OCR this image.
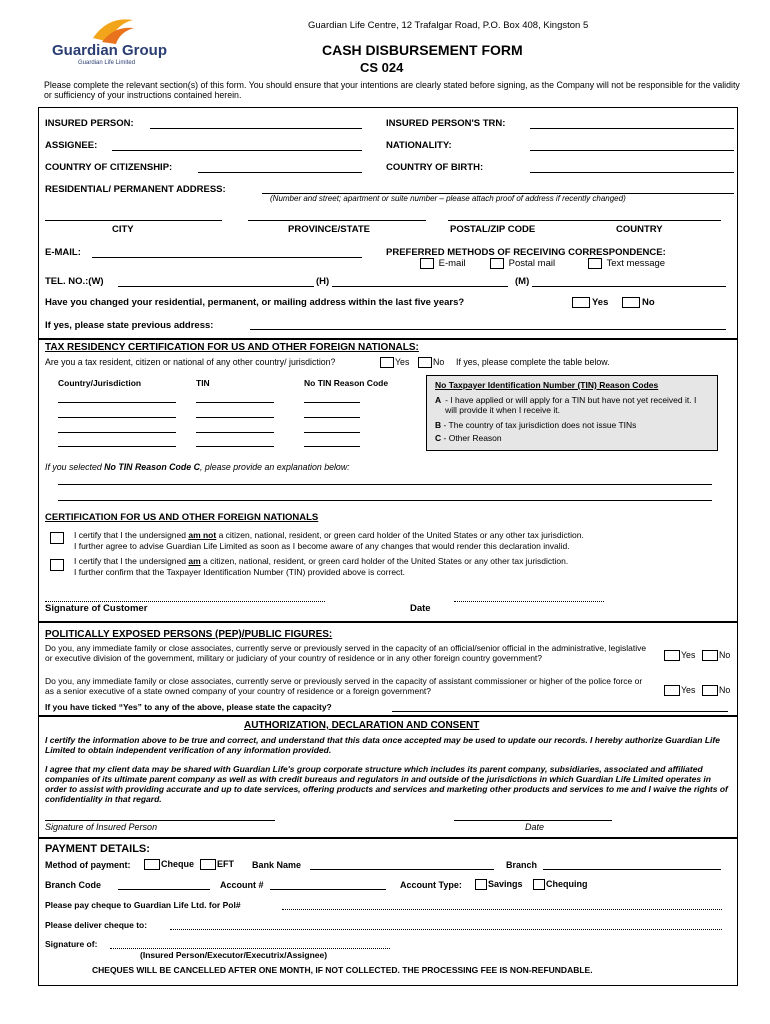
Guardian Group
Guardian Life Limited
Guardian Life Centre, 12 Trafalgar Road, P.O. Box 408, Kingston 5
CASH DISBURSEMENT FORM
CS 024
Please complete the relevant section(s) of this form. You should ensure that your intentions are clearly stated before signing, as the Company will not be responsible for the validity or sufficiency of your instructions contained herein.
INSURED PERSON:	INSURED PERSON'S TRN:
ASSIGNEE:	NATIONALITY:
COUNTRY OF CITIZENSHIP:	COUNTRY OF BIRTH:
RESIDENTIAL/ PERMANENT ADDRESS:
(Number and street; apartment or suite number – please attach proof of address if recently changed)
CITY	PROVINCE/STATE	POSTAL/ZIP CODE	COUNTRY
E-MAIL:	PREFERRED METHODS OF RECEIVING CORRESPONDENCE:
E-mail	Postal mail	Text message
TEL. NO.:(W)	(H)	(M)
Have you changed your residential, permanent, or mailing address within the last five years?	Yes	No
If yes, please state previous address:
TAX RESIDENCY CERTIFICATION FOR US AND OTHER FOREIGN NATIONALS:
Are you a tax resident, citizen or national of any other country/ jurisdiction?	Yes	No If yes, please complete the table below.
Country/Jurisdiction	TIN	No TIN Reason Code	No Taxpayer Identification Number (TIN) Reason Codes
A - I have applied or will apply for a TIN but have not yet received it. I will provide it when I receive it.
B - The country of tax jurisdiction does not issue TINs
C - Other Reason
If you selected No TIN Reason Code C, please provide an explanation below:
CERTIFICATION FOR US AND OTHER FOREIGN NATIONALS
I certify that I the undersigned am not a citizen, national, resident, or green card holder of the United States or any other tax jurisdiction.
I further agree to advise Guardian Life Limited as soon as I become aware of any changes that would render this declaration invalid.
I certify that I the undersigned am a citizen, national, resident, or green card holder of the United States or any other tax jurisdiction.
I further confirm that the Taxpayer Identification Number (TIN) provided above is correct.
Signature of Customer	Date
POLITICALLY EXPOSED PERSONS (PEP)/PUBLIC FIGURES:
Do you, any immediate family or close associates, currently serve or previously served in the capacity of an official/senior official in the administrative, legislative or executive division of the government, military or judiciary of your country of residence or in any other foreign country government?	Yes	No
Do you, any immediate family or close associates, currently serve or previously served in the capacity of assistant commissioner or higher of the police force or as a senior executive of a state owned company of your country of residence or a foreign government?	Yes	No
If you have ticked “Yes” to any of the above, please state the capacity?
AUTHORIZATION, DECLARATION AND CONSENT
I certify the information above to be true and correct, and understand that this data once accepted may be used to update our records. I hereby authorize Guardian Life Limited to obtain independent verification of any information provided.
I agree that my client data may be shared with Guardian Life's group corporate structure which includes its parent company, subsidiaries, associated and affiliated companies of its ultimate parent company as well as with credit bureaus and regulators in and outside of the jurisdictions in which Guardian Life Limited operates in order to assist with providing accurate and up to date services, offering products and services and marketing other products and services to me and I waive the rights of confidentiality in that regard.
Signature of Insured Person	Date
PAYMENT DETAILS:
Method of payment:	Cheque	EFT Bank Name	Branch
Branch Code	Account #	Account Type:	Savings	Chequing
Please pay cheque to Guardian Life Ltd. for Pol#
Please deliver cheque to:
Signature of:
(Insured Person/Executor/Executrix/Assignee)
CHEQUES WILL BE CANCELLED AFTER ONE MONTH, IF NOT COLLECTED. THE PROCESSING FEE IS NON-REFUNDABLE.
